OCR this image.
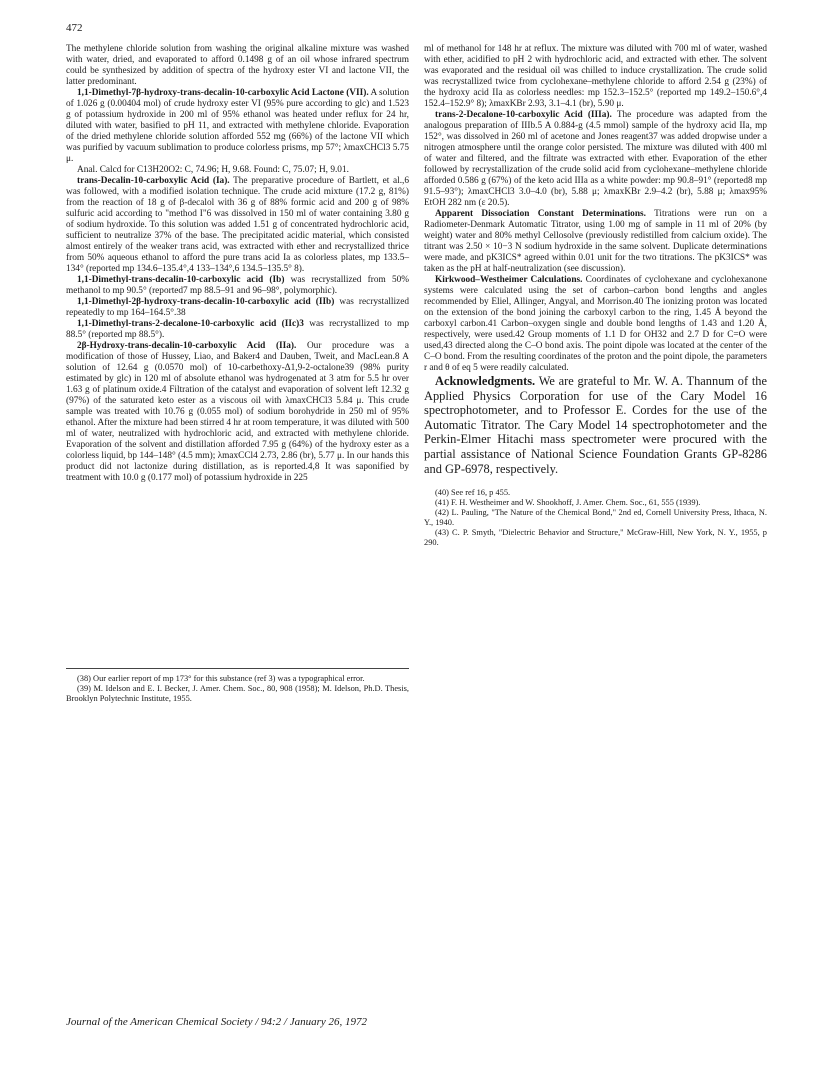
472

The methylene chloride solution from washing the original alkaline mixture was washed with water, dried, and evaporated to afford 0.1498 g of an oil whose infrared spectrum could be synthesized by addition of spectra of the hydroxy ester VI and lactone VII, the latter predominant.

1,1-Dimethyl-7β-hydroxy-trans-decalin-10-carboxylic Acid Lactone (VII). A solution of 1.026 g (0.00404 mol) of crude hydroxy ester VI (95% pure according to glc) and 1.523 g of potassium hydroxide in 200 ml of 95% ethanol was heated under reflux for 24 hr, diluted with water, basified to pH 11, and extracted with methylene chloride. Evaporation of the dried methylene chloride solution afforded 552 mg (66%) of the lactone VII which was purified by vacuum sublimation to produce colorless prisms, mp 57°; λmaxCHCl3 5.75 μ.

Anal. Calcd for C13H20O2: C, 74.96; H, 9.68. Found: C, 75.07; H, 9.01.

trans-Decalin-10-carboxylic Acid (Ia). The preparative procedure of Bartlett, et al.,6 was followed, with a modified isolation technique. The crude acid mixture (17.2 g, 81%) from the reaction of 18 g of β-decalol with 36 g of 88% formic acid and 200 g of 98% sulfuric acid according to "method I"6 was dissolved in 150 ml of water containing 3.80 g of sodium hydroxide. To this solution was added 1.51 g of concentrated hydrochloric acid, sufficient to neutralize 37% of the base. The precipitated acidic material, which consisted almost entirely of the weaker trans acid, was extracted with ether and recrystallized thrice from 50% aqueous ethanol to afford the pure trans acid Ia as colorless plates, mp 133.5–134° (reported mp 134.6–135.4°,4 133–134°,6 134.5–135.5° 8).

1,1-Dimethyl-trans-decalin-10-carboxylic acid (Ib) was recrystallized from 50% methanol to mp 90.5° (reported7 mp 88.5–91 and 96–98°, polymorphic).

1,1-Dimethyl-2β-hydroxy-trans-decalin-10-carboxylic acid (IIb) was recrystallized repeatedly to mp 164–164.5°.38

1,1-Dimethyl-trans-2-decalone-10-carboxylic acid (IIc)3 was recrystallized to mp 88.5° (reported mp 88.5°).

2β-Hydroxy-trans-decalin-10-carboxylic Acid (IIa). Our procedure was a modification of those of Hussey, Liao, and Baker4 and Dauben, Tweit, and MacLean.8 A solution of 12.64 g (0.0570 mol) of 10-carbethoxy-Δ1,9-2-octalone39 (98% purity estimated by glc) in 120 ml of absolute ethanol was hydrogenated at 3 atm for 5.5 hr over 1.63 g of platinum oxide.4 Filtration of the catalyst and evaporation of solvent left 12.32 g (97%) of the saturated keto ester as a viscous oil with λmaxCHCl3 5.84 μ. This crude sample was treated with 10.76 g (0.055 mol) of sodium borohydride in 250 ml of 95% ethanol. After the mixture had been stirred 4 hr at room temperature, it was diluted with 500 ml of water, neutralized with hydrochloric acid, and extracted with methylene chloride. Evaporation of the solvent and distillation afforded 7.95 g (64%) of the hydroxy ester as a colorless liquid, bp 144–148° (4.5 mm); λmaxCCl4 2.73, 2.86 (br), 5.77 μ. In our hands this product did not lactonize during distillation, as is reported.4,8 It was saponified by treatment with 10.0 g (0.177 mol) of potassium hydroxide in 225

(38) Our earlier report of mp 173° for this substance (ref 3) was a typographical error.

(39) M. Idelson and E. I. Becker, J. Amer. Chem. Soc., 80, 908 (1958); M. Idelson, Ph.D. Thesis, Brooklyn Polytechnic Institute, 1955.

ml of methanol for 148 hr at reflux. The mixture was diluted with 700 ml of water, washed with ether, acidified to pH 2 with hydrochloric acid, and extracted with ether. The solvent was evaporated and the residual oil was chilled to induce crystallization. The crude solid was recrystallized twice from cyclohexane–methylene chloride to afford 2.54 g (23%) of the hydroxy acid IIa as colorless needles: mp 152.3–152.5° (reported mp 149.2–150.6°,4 152.4–152.9° 8); λmaxKBr 2.93, 3.1–4.1 (br), 5.90 μ.

trans-2-Decalone-10-carboxylic Acid (IIIa). The procedure was adapted from the analogous preparation of IIIb.5 A 0.884-g (4.5 mmol) sample of the hydroxy acid IIa, mp 152°, was dissolved in 260 ml of acetone and Jones reagent37 was added dropwise under a nitrogen atmosphere until the orange color persisted. The mixture was diluted with 400 ml of water and filtered, and the filtrate was extracted with ether. Evaporation of the ether followed by recrystallization of the crude solid acid from cyclohexane–methylene chloride afforded 0.586 g (67%) of the keto acid IIIa as a white powder: mp 90.8–91° (reported8 mp 91.5–93°); λmaxCHCl3 3.0–4.0 (br), 5.88 μ; λmaxKBr 2.9–4.2 (br), 5.88 μ; λmax95% EtOH 282 nm (ε 20.5).

Apparent Dissociation Constant Determinations. Titrations were run on a Radiometer-Denmark Automatic Titrator, using 1.00 mg of sample in 11 ml of 20% (by weight) water and 80% methyl Cellosolve (previously redistilled from calcium oxide). The titrant was 2.50 × 10−3 N sodium hydroxide in the same solvent. Duplicate determinations were made, and pK3ICS* agreed within 0.01 unit for the two titrations. The pK3ICS* was taken as the pH at half-neutralization (see discussion).

Kirkwood–Westheimer Calculations. Coordinates of cyclohexane and cyclohexanone systems were calculated using the set of carbon–carbon bond lengths and angles recommended by Eliel, Allinger, Angyal, and Morrison.40 The ionizing proton was located on the extension of the bond joining the carboxyl carbon to the ring, 1.45 Å beyond the carboxyl carbon.41 Carbon–oxygen single and double bond lengths of 1.43 and 1.20 Å, respectively, were used.42 Group moments of 1.1 D for OH32 and 2.7 D for C=O were used,43 directed along the C–O bond axis. The point dipole was located at the center of the C–O bond. From the resulting coordinates of the proton and the point dipole, the parameters r and θ of eq 5 were readily calculated.

Acknowledgments. We are grateful to Mr. W. A. Thannum of the Applied Physics Corporation for use of the Cary Model 16 spectrophotometer, and to Professor E. Cordes for the use of the Automatic Titrator. The Cary Model 14 spectrophotometer and the Perkin-Elmer Hitachi mass spectrometer were procured with the partial assistance of National Science Foundation Grants GP-8286 and GP-6978, respectively.

(40) See ref 16, p 455.

(41) F. H. Westheimer and W. Shookhoff, J. Amer. Chem. Soc., 61, 555 (1939).

(42) L. Pauling, "The Nature of the Chemical Bond," 2nd ed, Cornell University Press, Ithaca, N. Y., 1940.

(43) C. P. Smyth, "Dielectric Behavior and Structure," McGraw-Hill, New York, N. Y., 1955, p 290.

Journal of the American Chemical Society / 94:2 / January 26, 1972
